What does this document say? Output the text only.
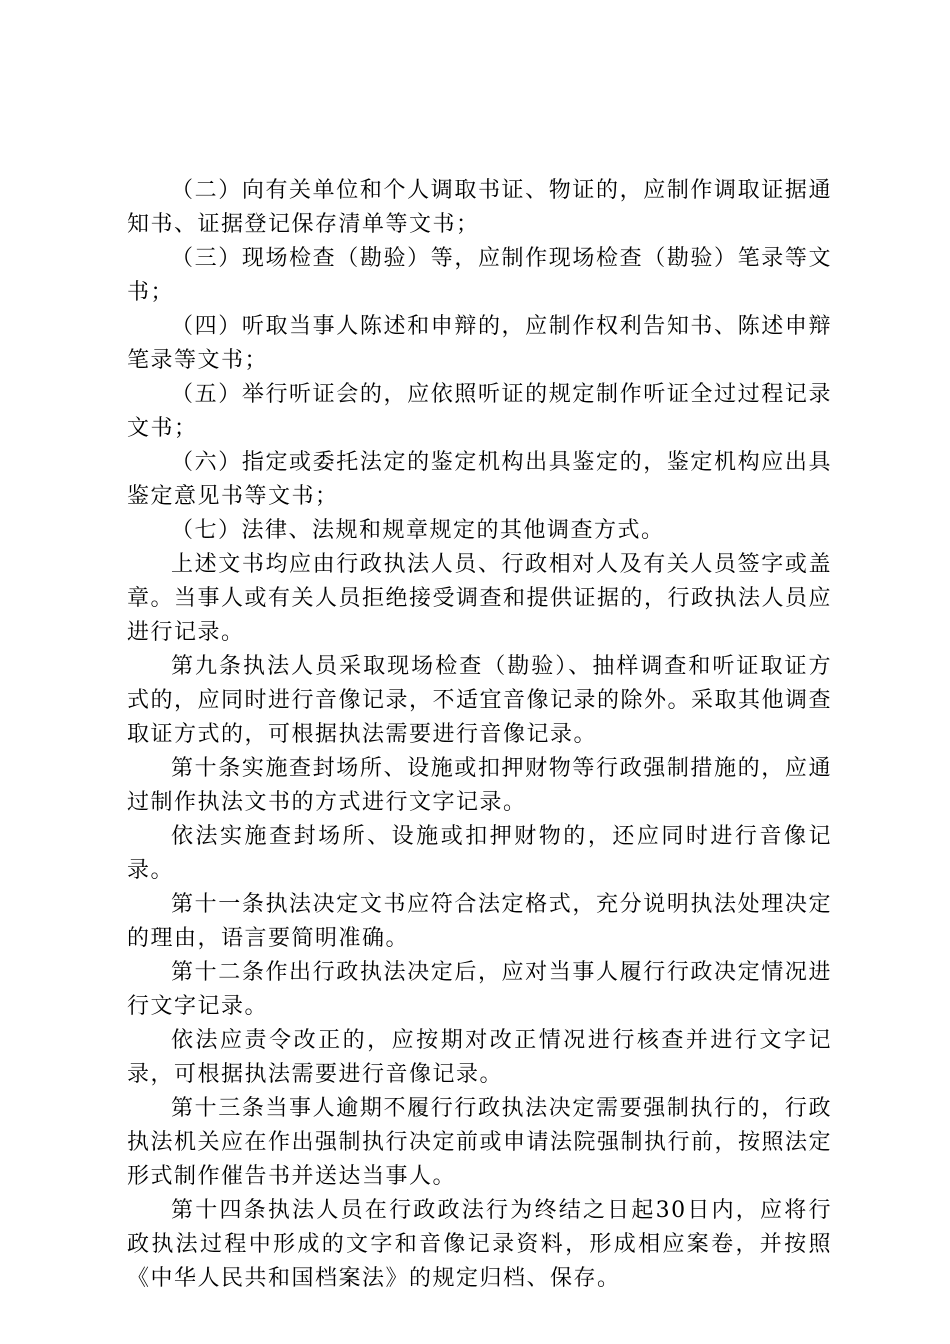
（二）向有关单位和个人调取书证、物证的，应制作调取证据通知书、证据登记保存清单等文书；

（三）现场检查（勘验）等，应制作现场检查（勘验）笔录等文书；

（四）听取当事人陈述和申辩的，应制作权利告知书、陈述申辩笔录等文书；

（五）举行听证会的，应依照听证的规定制作听证全过过程记录文书；

（六）指定或委托法定的鉴定机构出具鉴定的，鉴定机构应出具鉴定意见书等文书；

（七）法律、法规和规章规定的其他调查方式。

上述文书均应由行政执法人员、行政相对人及有关人员签字或盖章。当事人或有关人员拒绝接受调查和提供证据的，行政执法人员应进行记录。

第九条执法人员采取现场检查（勘验）、抽样调查和听证取证方式的，应同时进行音像记录，不适宜音像记录的除外。采取其他调查取证方式的，可根据执法需要进行音像记录。

第十条实施查封场所、设施或扣押财物等行政强制措施的，应通过制作执法文书的方式进行文字记录。

依法实施查封场所、设施或扣押财物的，还应同时进行音像记录。

第十一条执法决定文书应符合法定格式，充分说明执法处理决定的理由，语言要简明准确。

第十二条作出行政执法决定后，应对当事人履行行政决定情况进行文字记录。

依法应责令改正的，应按期对改正情况进行核查并进行文字记录，可根据执法需要进行音像记录。

第十三条当事人逾期不履行行政执法决定需要强制执行的，行政执法机关应在作出强制执行决定前或申请法院强制执行前，按照法定形式制作催告书并送达当事人。

第十四条执法人员在行政政法行为终结之日起30日内，应将行政执法过程中形成的文字和音像记录资料，形成相应案卷，并按照《中华人民共和国档案法》的规定归档、保存。
